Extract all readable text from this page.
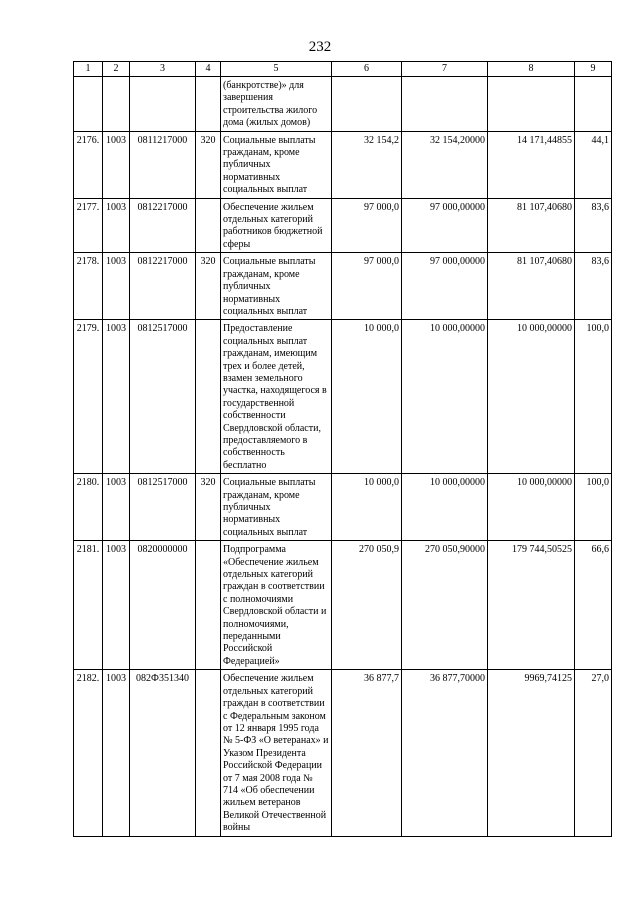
232
1	2	3	4	5	6	7	8	9
				(банкротстве)» для завершения строительства жилого дома (жилых домов)				
2176.	1003	0811217000	320	Социальные выплаты гражданам, кроме публичных нормативных социальных выплат	32 154,2	32 154,20000	14 171,44855	44,1
2177.	1003	0812217000		Обеспечение жильем отдельных категорий работников бюджетной сферы	97 000,0	97 000,00000	81 107,40680	83,6
2178.	1003	0812217000	320	Социальные выплаты гражданам, кроме публичных нормативных социальных выплат	97 000,0	97 000,00000	81 107,40680	83,6
2179.	1003	0812517000		Предоставление социальных выплат гражданам, имеющим трех и более детей, взамен земельного участка, находящегося в государственной собственности Свердловской области, предоставляемого в собственность бесплатно	10 000,0	10 000,00000	10 000,00000	100,0
2180.	1003	0812517000	320	Социальные выплаты гражданам, кроме публичных нормативных социальных выплат	10 000,0	10 000,00000	10 000,00000	100,0
2181.	1003	0820000000		Подпрограмма «Обеспечение жильем отдельных категорий граждан в соответствии с полномочиями Свердловской области и полномочиями, переданными Российской Федерацией»	270 050,9	270 050,90000	179 744,50525	66,6
2182.	1003	082Ф351340		Обеспечение жильем отдельных категорий граждан в соответствии с Федеральным законом от 12 января 1995 года № 5-ФЗ «О ветеранах» и Указом Президента Российской Федерации от 7 мая 2008 года № 714 «Об обеспечении жильем ветеранов Великой Отечественной войны	36 877,7	36 877,70000	9969,74125	27,0
